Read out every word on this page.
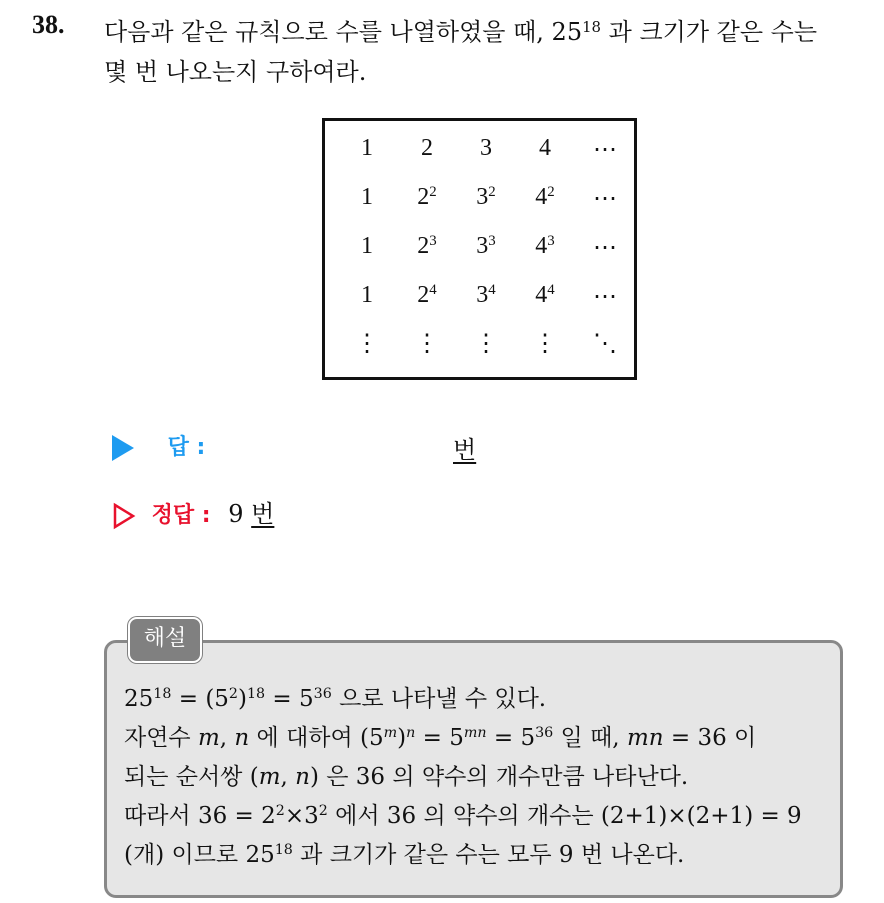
38. 다음과 같은 규칙으로 수를 나열하였을 때, $25^{18}$ 과 크기가 같은 수는
몇 번 나오는지 구하여라.
1	2	3	4	⋯
1	$2^2$	$3^2$	$4^2$	⋯
1	$2^3$	$3^3$	$4^3$	⋯
1	$2^4$	$3^4$	$4^4$	⋯
⋮	⋮	⋮	⋮	⋱
답 :	번
정답 : 9 번
해설
$25^{18} = (5^2)^{18} = 5^{36}$ 으로 나타낼 수 있다.
자연수 m, n 에 대하여 $(5^m)^n = 5^{mn} = 5^{36}$ 일 때, mn = 36 이
되는 순서쌍 (m, n) 은 36 의 약수의 개수만큼 나타난다.
따라서 $36 = 2^2\times 3^2$ 에서 36 의 약수의 개수는 (2+1)×(2+1) = 9
(개) 이므로 $25^{18}$ 과 크기가 같은 수는 모두 9 번 나온다.
